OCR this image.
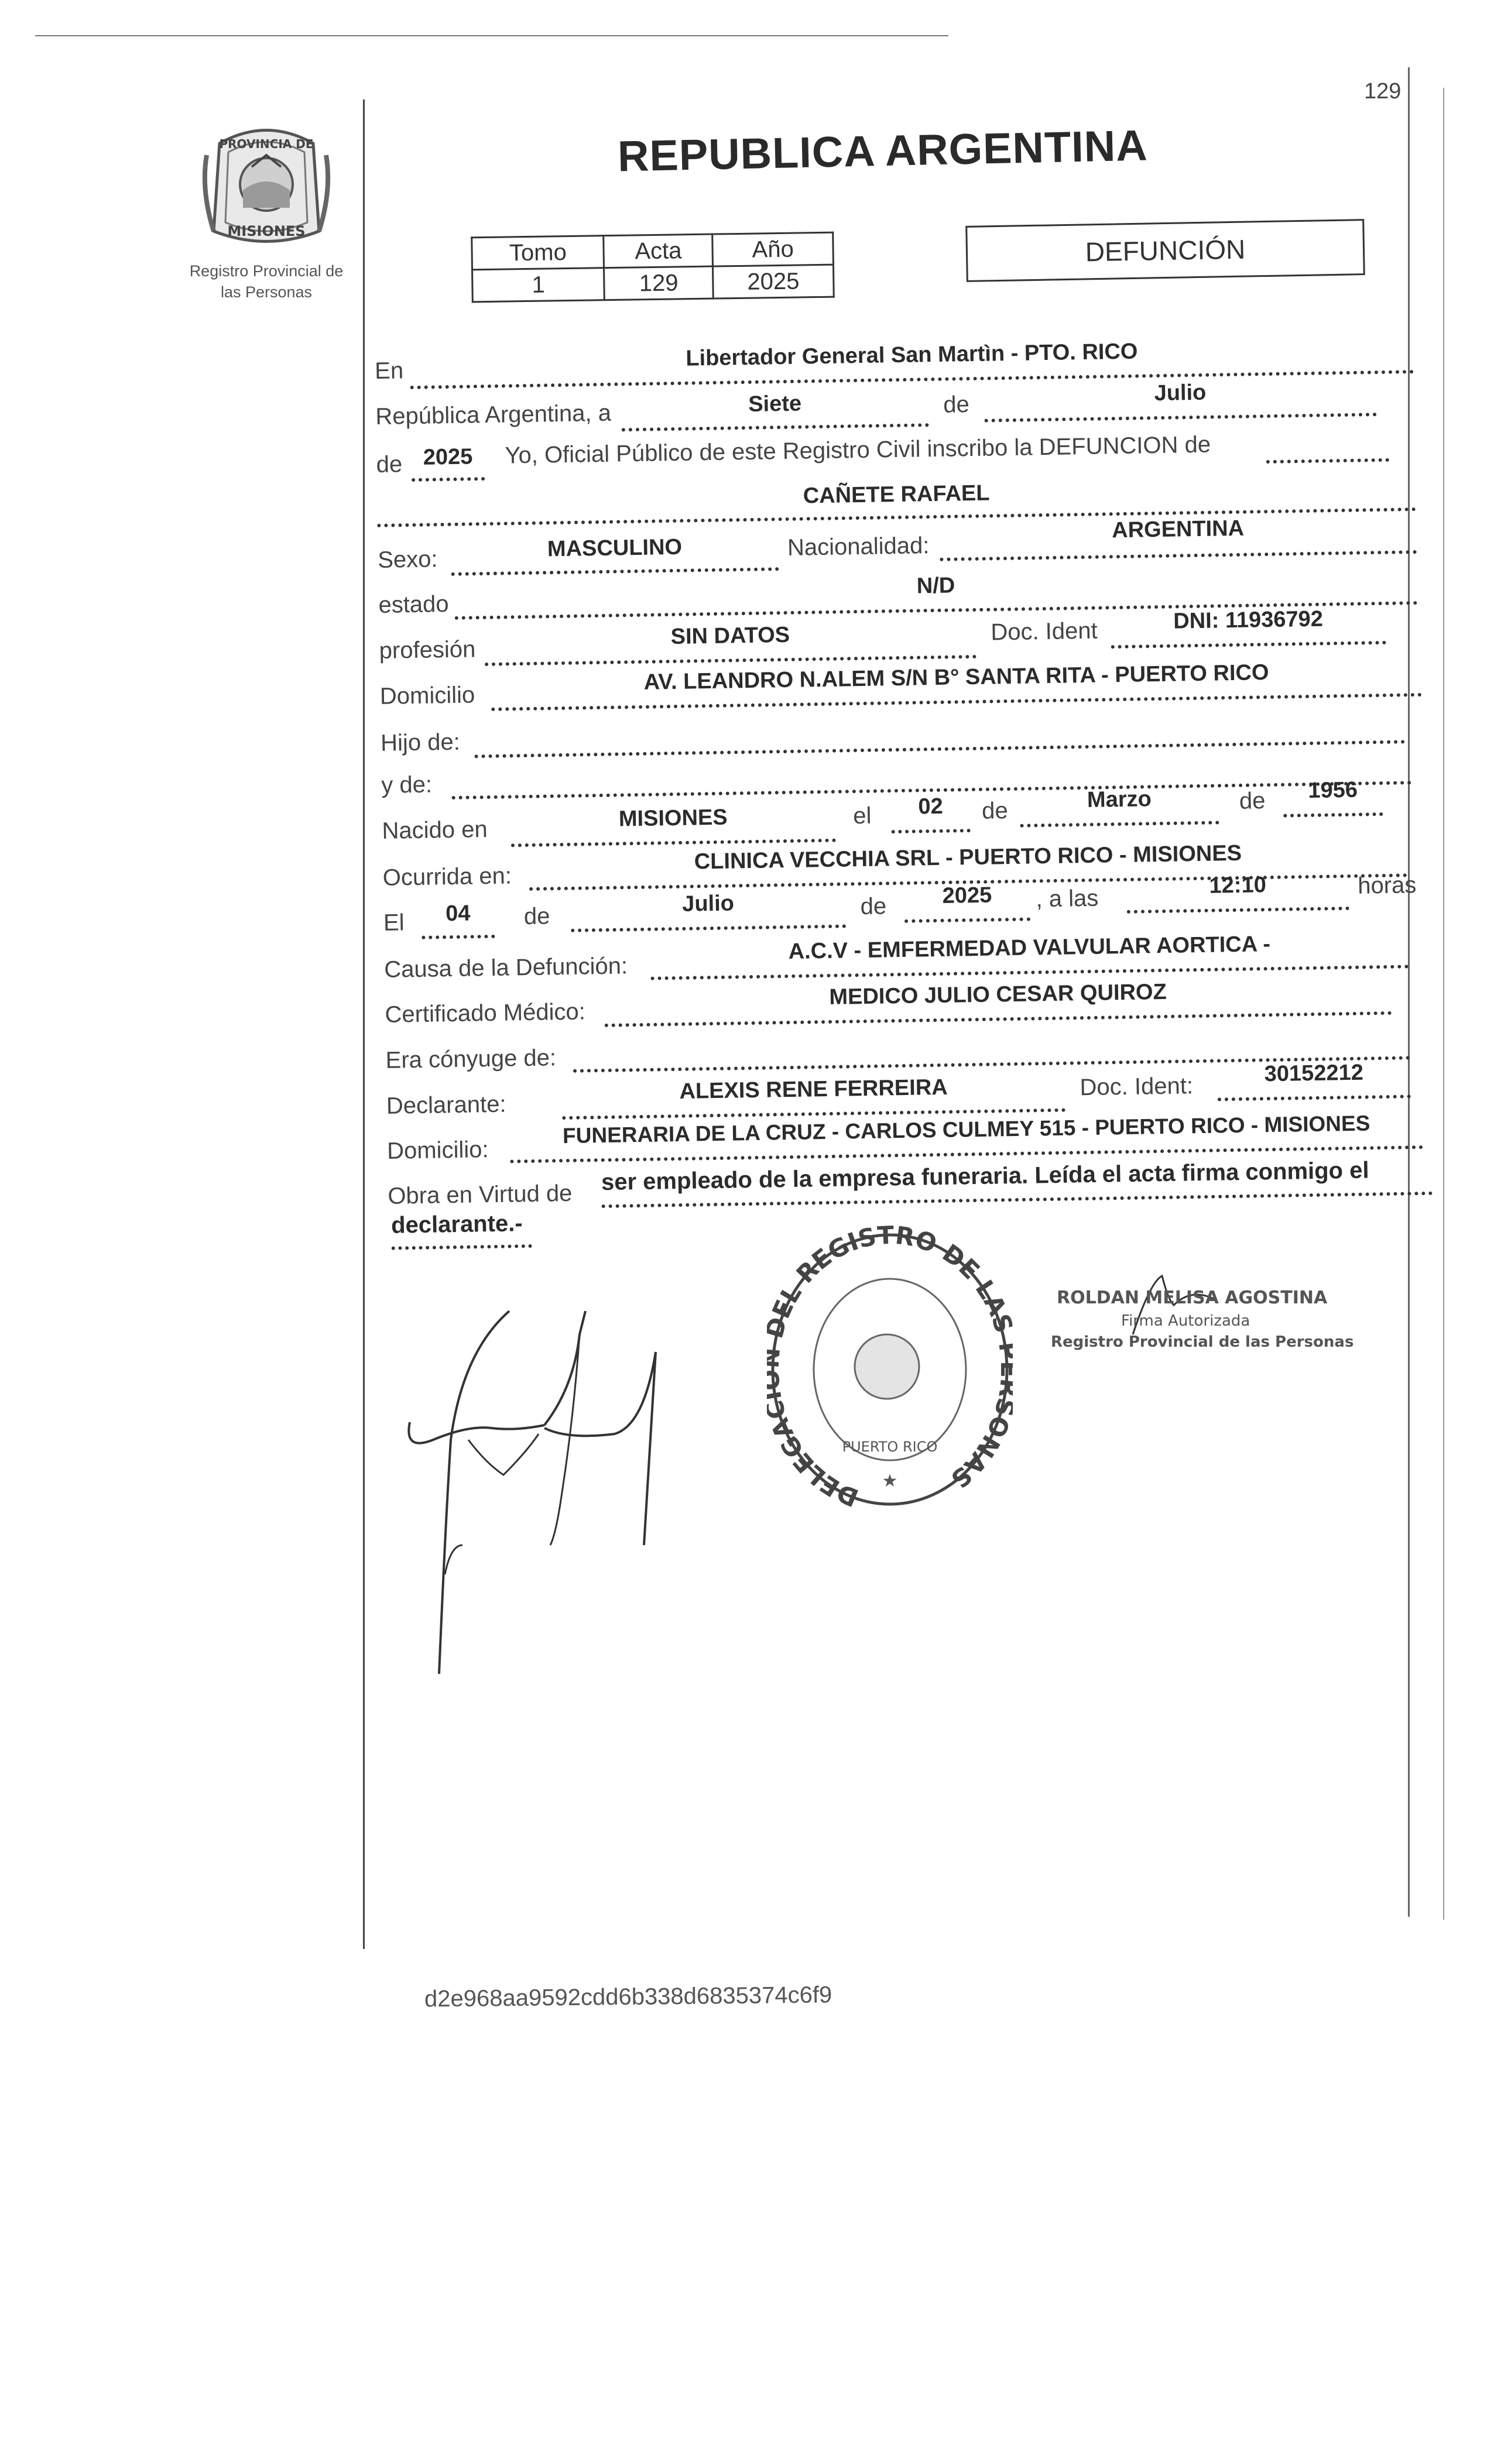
129
PROVINCIA DE
MISIONES
Registro Provincial de
las Personas
REPUBLICA ARGENTINA
Tomo	Acta	Año
1	129	2025
DEFUNCIÓN
En	Libertador General San Martìn - PTO. RICO
República Argentina, a	Siete	de	Julio
de 2025	Yo, Oficial Público de este Registro Civil inscribo la DEFUNCION de
CAÑETE RAFAEL
Sexo:	MASCULINO	Nacionalidad:
ARGENTINA
estado
N/D
profesión
SIN DATOS	Doc. Ident	DNI: 11936792
Domicilio
AV. LEANDRO N.ALEM S/N B° SANTA RITA - PUERTO RICO
Hijo de:
y de:
Nacido en	MISIONES	el	02	de	Marzo	de	1956
Ocurrida en:
CLINICA VECCHIA SRL - PUERTO RICO - MISIONES
El	04	de	Julio	de	2025	, a las	12:10	horas
Causa de la Defunción:
A.C.V - EMFERMEDAD VALVULAR AORTICA -
Certificado Médico:
MEDICO JULIO CESAR QUIROZ
Era cónyuge de:
Declarante:
ALEXIS RENE FERREIRA	Doc. Ident:	30152212
Domicilio:
FUNERARIA DE LA CRUZ - CARLOS CULMEY 515 - PUERTO RICO - MISIONES
Obra en Virtud de ser empleado de la empresa funeraria. Leída el acta firma conmigo el
declarante.-
DELEGA EL REGISTRO DE LA ONAS
PUERTO RICO
★
ROLDAN MELISA AGOSTINA
Firma Autorizada
Registro Provincial de las Personas
d2e968aa9592cdd6b338d6835374c6f9
